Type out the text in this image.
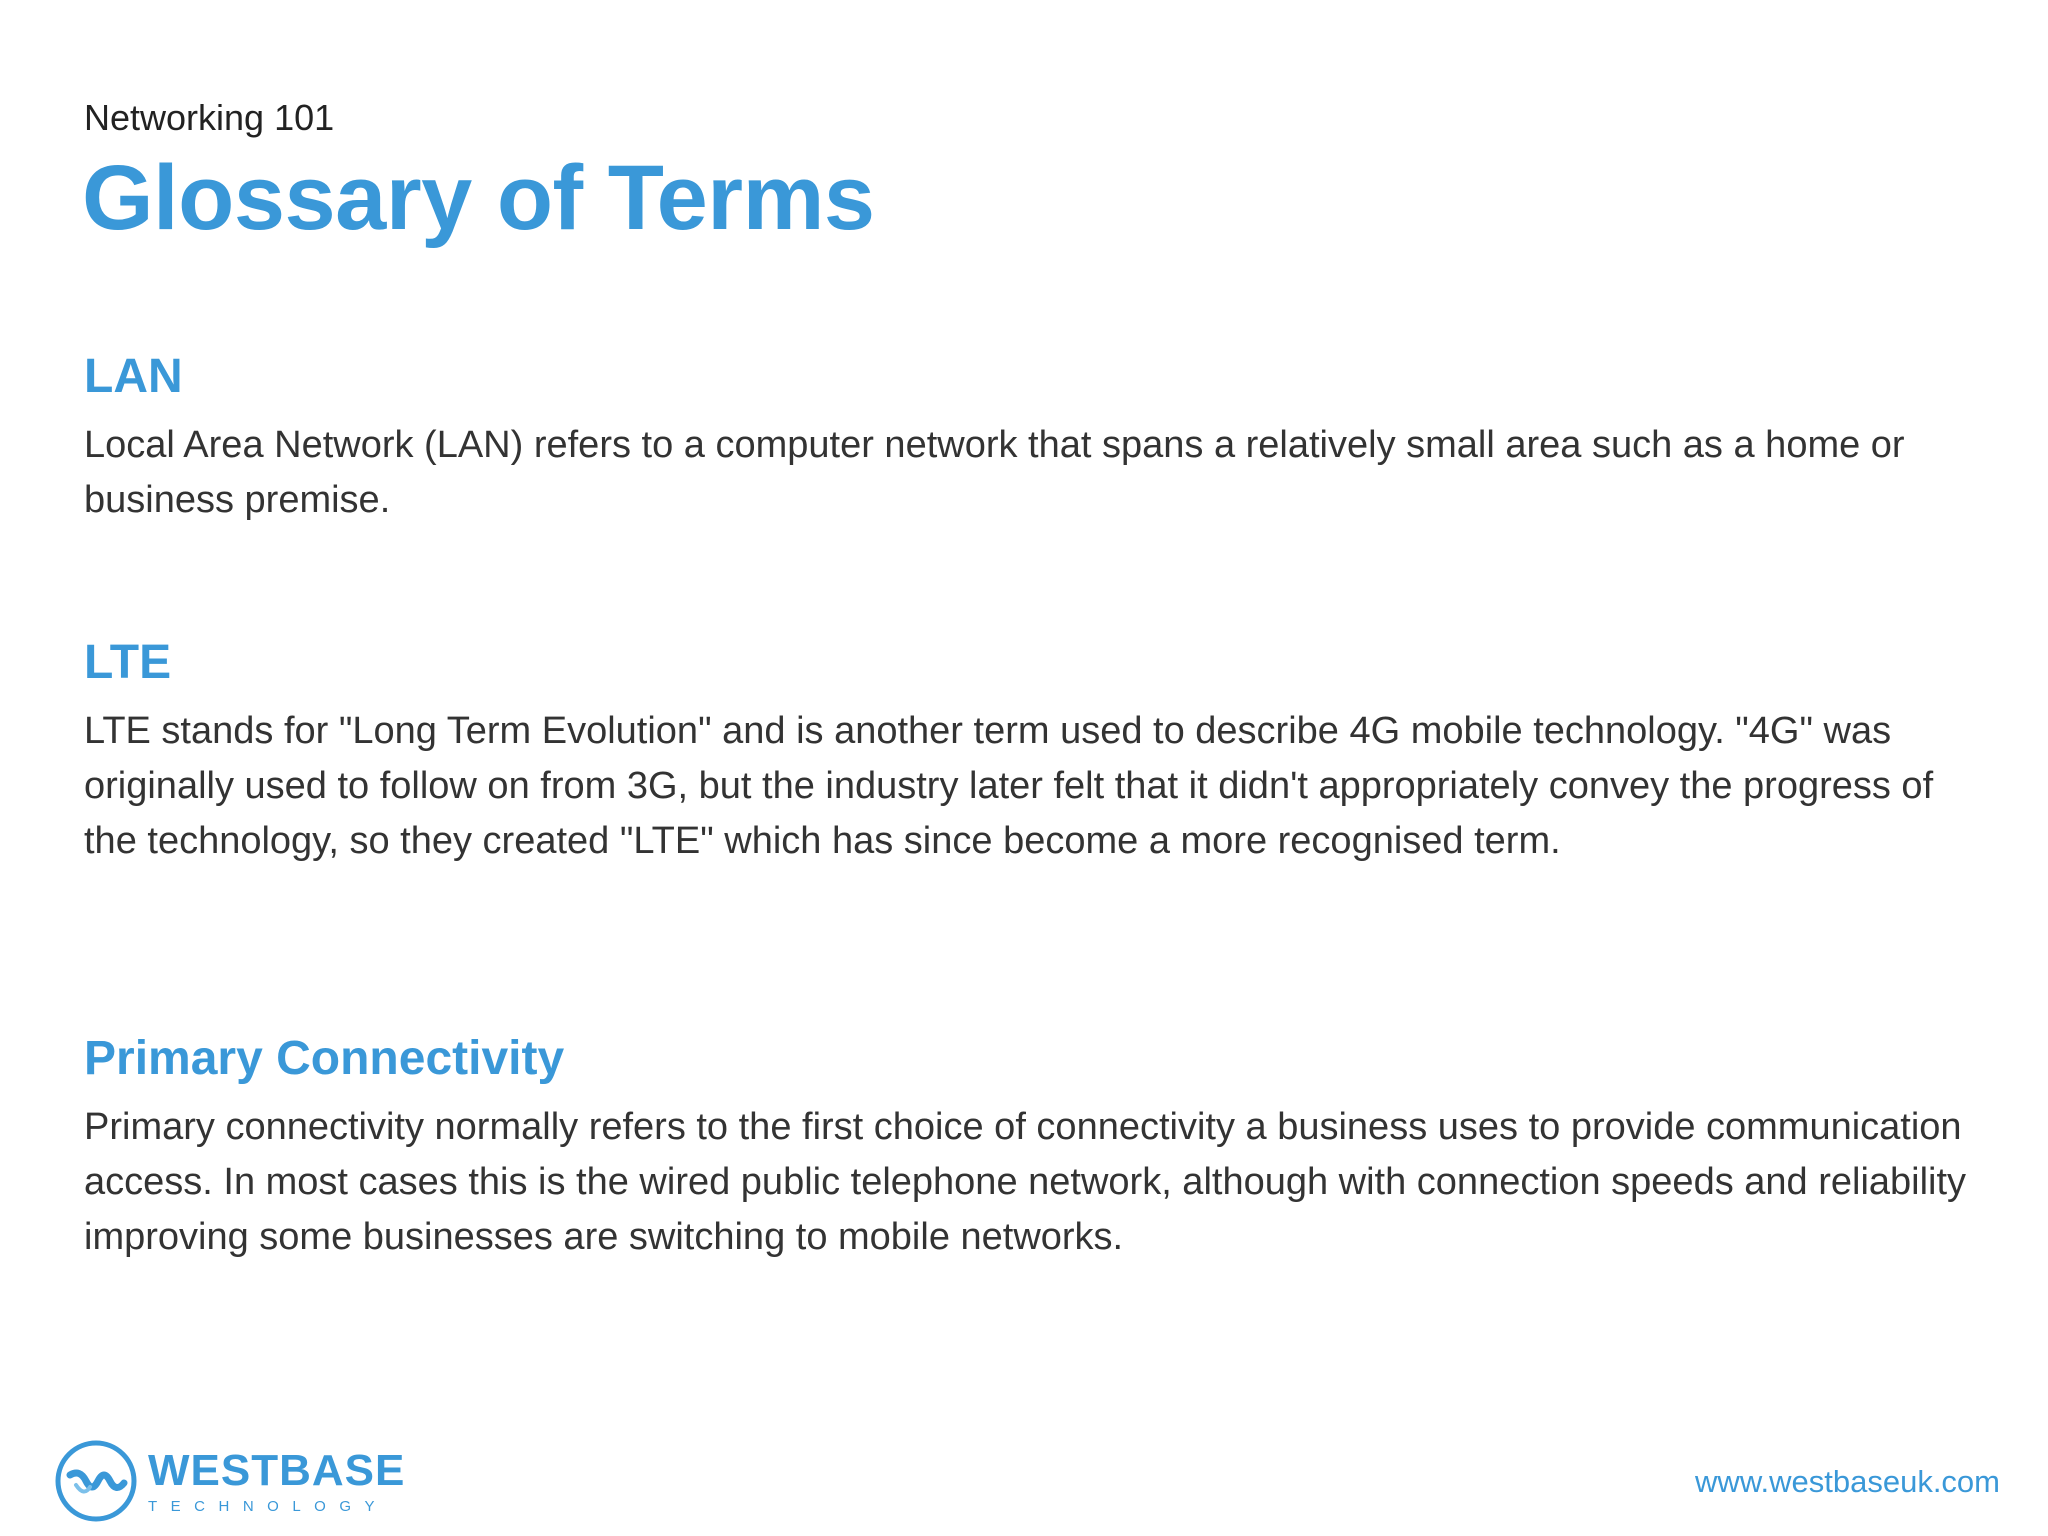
Networking 101
Glossary of Terms
LAN

Local Area Network (LAN) refers to a computer network that spans a relatively small area such as a home or business premise.

LTE

LTE stands for "Long Term Evolution" and is another term used to describe 4G mobile technology. "4G" was originally used to follow on from 3G, but the industry later felt that it didn't appropriately convey the progress of the technology, so they created "LTE" which has since become a more recognised term.

Primary Connectivity

Primary connectivity normally refers to the first choice of connectivity a business uses to provide communication access. In most cases this is the wired public telephone network, although with connection speeds and reliability improving some businesses are switching to mobile networks.

WESTBASE
TECHNOLOGY
www.westbaseuk.com
